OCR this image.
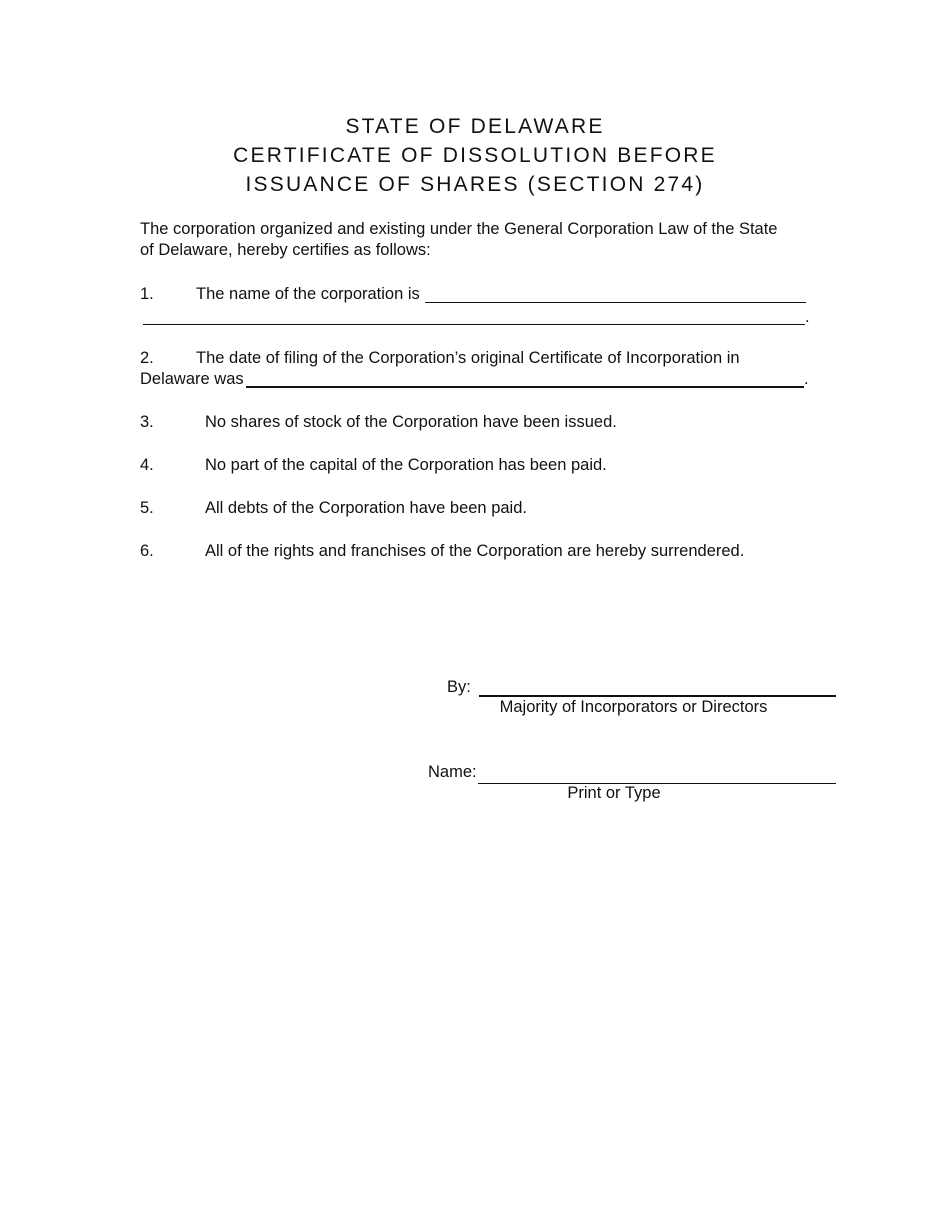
STATE OF DELAWARE
CERTIFICATE OF DISSOLUTION BEFORE
ISSUANCE OF SHARES (SECTION 274)
The corporation organized and existing under the General Corporation Law of the State
of Delaware, hereby certifies as follows:
1.	The name of the corporation is
.
2.	The date of filing of the Corporation’s original Certificate of Incorporation in
Delaware was	.
3.	No shares of stock of the Corporation have been issued.
4.	No part of the capital of the Corporation has been paid.
5.	All debts of the Corporation have been paid.
6.	All of the rights and franchises of the Corporation are hereby surrendered.
By:
Majority of Incorporators or Directors
Name:
Print or Type
